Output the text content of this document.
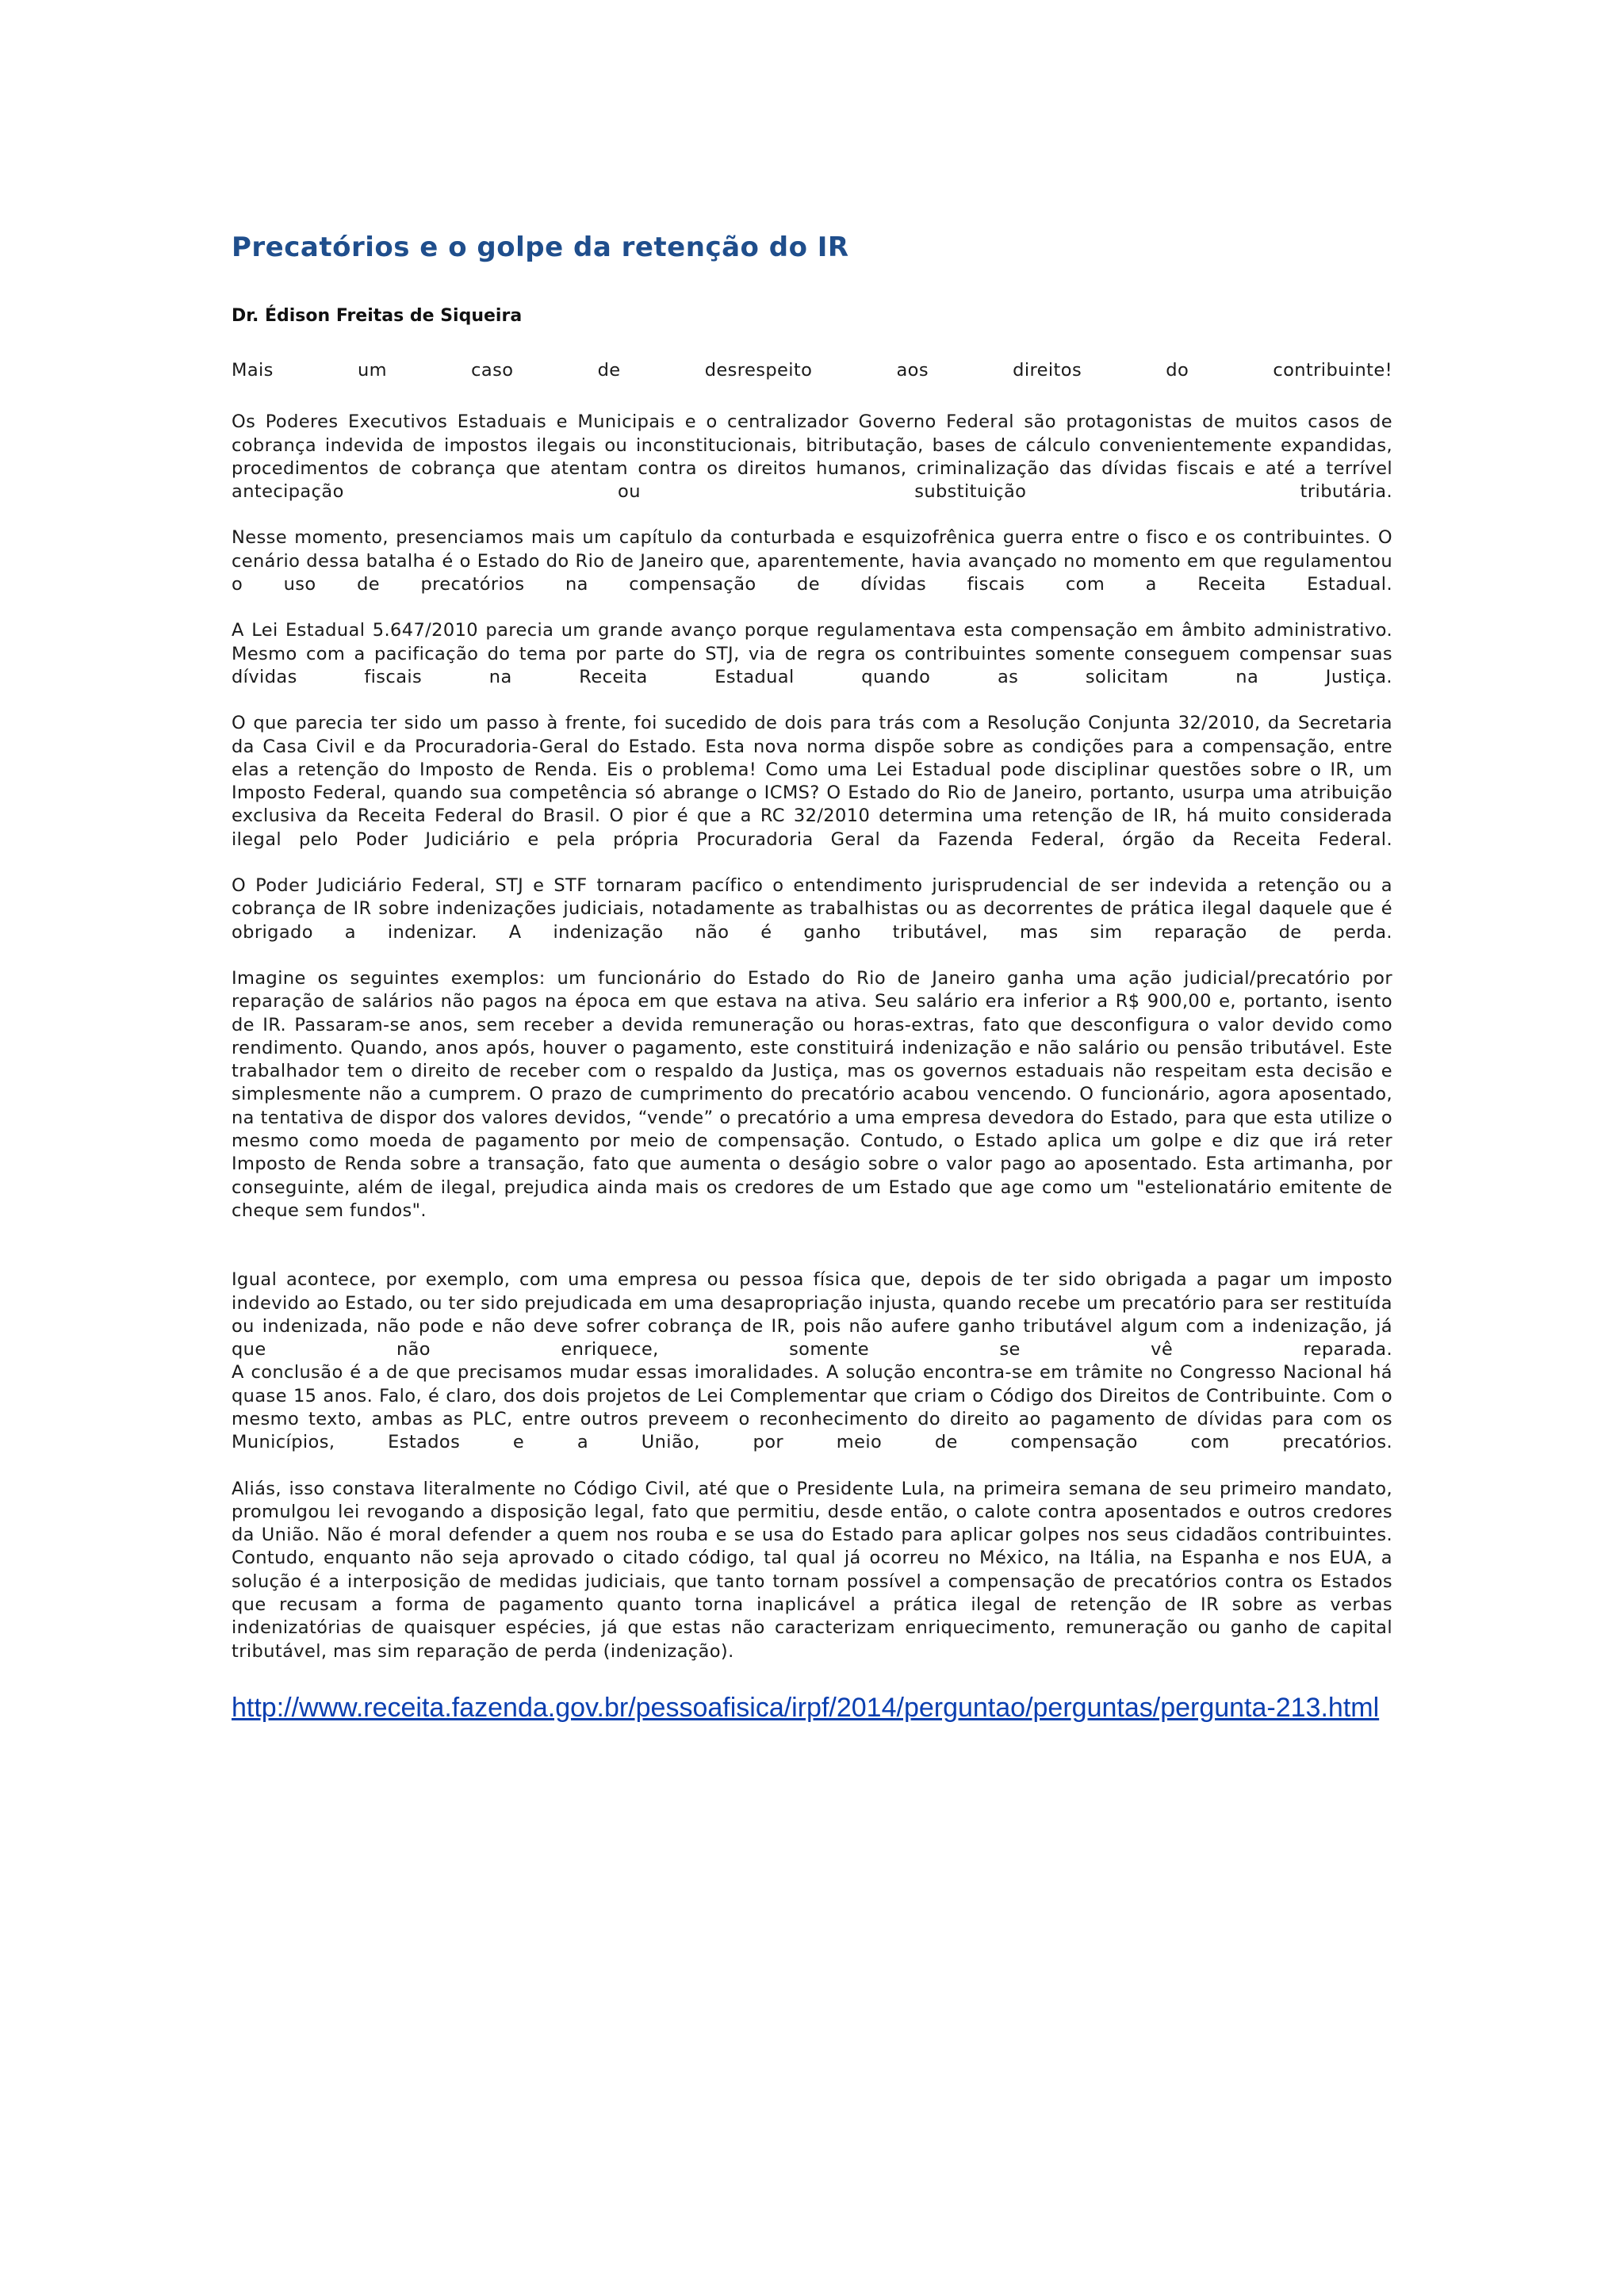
Precatórios e o golpe da retenção do IR
Dr. Édison Freitas de Siqueira

Mais um caso de desrespeito aos direitos do contribuinte!

Os Poderes Executivos Estaduais e Municipais e o centralizador Governo Federal são protagonistas de muitos casos de cobrança indevida de impostos ilegais ou inconstitucionais, bitributação, bases de cálculo convenientemente expandidas, procedimentos de cobrança que atentam contra os direitos humanos, criminalização das dívidas fiscais e até a terrível antecipação ou substituição tributária.

Nesse momento, presenciamos mais um capítulo da conturbada e esquizofrênica guerra entre o fisco e os contribuintes. O cenário dessa batalha é o Estado do Rio de Janeiro que, aparentemente, havia avançado no momento em que regulamentou o uso de precatórios na compensação de dívidas fiscais com a Receita Estadual.

A Lei Estadual 5.647/2010 parecia um grande avanço porque regulamentava esta compensação em âmbito administrativo. Mesmo com a pacificação do tema por parte do STJ, via de regra os contribuintes somente conseguem compensar suas dívidas fiscais na Receita Estadual quando as solicitam na Justiça.

O que parecia ter sido um passo à frente, foi sucedido de dois para trás com a Resolução Conjunta 32/2010, da Secretaria da Casa Civil e da Procuradoria-Geral do Estado. Esta nova norma dispõe sobre as condições para a compensação, entre elas a retenção do Imposto de Renda. Eis o problema! Como uma Lei Estadual pode disciplinar questões sobre o IR, um Imposto Federal, quando sua competência só abrange o ICMS? O Estado do Rio de Janeiro, portanto, usurpa uma atribuição exclusiva da Receita Federal do Brasil. O pior é que a RC 32/2010 determina uma retenção de IR, há muito considerada ilegal pelo Poder Judiciário e pela própria Procuradoria Geral da Fazenda Federal, órgão da Receita Federal.

O Poder Judiciário Federal, STJ e STF tornaram pacífico o entendimento jurisprudencial de ser indevida a retenção ou a cobrança de IR sobre indenizações judiciais, notadamente as trabalhistas ou as decorrentes de prática ilegal daquele que é obrigado a indenizar. A indenização não é ganho tributável, mas sim reparação de perda.

Imagine os seguintes exemplos: um funcionário do Estado do Rio de Janeiro ganha uma ação judicial/precatório por reparação de salários não pagos na época em que estava na ativa. Seu salário era inferior a R$ 900,00 e, portanto, isento de IR. Passaram-se anos, sem receber a devida remuneração ou horas-extras, fato que desconfigura o valor devido como rendimento. Quando, anos após, houver o pagamento, este constituirá indenização e não salário ou pensão tributável. Este trabalhador tem o direito de receber com o respaldo da Justiça, mas os governos estaduais não respeitam esta decisão e simplesmente não a cumprem. O prazo de cumprimento do precatório acabou vencendo. O funcionário, agora aposentado, na tentativa de dispor dos valores devidos, “vende” o precatório a uma empresa devedora do Estado, para que esta utilize o mesmo como moeda de pagamento por meio de compensação. Contudo, o Estado aplica um golpe e diz que irá reter Imposto de Renda sobre a transação, fato que aumenta o deságio sobre o valor pago ao aposentado. Esta artimanha, por conseguinte, além de ilegal, prejudica ainda mais os credores de um Estado que age como um "estelionatário emitente de cheque sem fundos".

Igual acontece, por exemplo, com uma empresa ou pessoa física que, depois de ter sido obrigada a pagar um imposto indevido ao Estado, ou ter sido prejudicada em uma desapropriação injusta, quando recebe um precatório para ser restituída ou indenizada, não pode e não deve sofrer cobrança de IR, pois não aufere ganho tributável algum com a indenização, já que não enriquece, somente se vê reparada.

A conclusão é a de que precisamos mudar essas imoralidades. A solução encontra-se em trâmite no Congresso Nacional há quase 15 anos. Falo, é claro, dos dois projetos de Lei Complementar que criam o Código dos Direitos de Contribuinte. Com o mesmo texto, ambas as PLC, entre outros preveem o reconhecimento do direito ao pagamento de dívidas para com os Municípios, Estados e a União, por meio de compensação com precatórios.

Aliás, isso constava literalmente no Código Civil, até que o Presidente Lula, na primeira semana de seu primeiro mandato, promulgou lei revogando a disposição legal, fato que permitiu, desde então, o calote contra aposentados e outros credores da União. Não é moral defender a quem nos rouba e se usa do Estado para aplicar golpes nos seus cidadãos contribuintes. Contudo, enquanto não seja aprovado o citado código, tal qual já ocorreu no México, na Itália, na Espanha e nos EUA, a solução é a interposição de medidas judiciais, que tanto tornam possível a compensação de precatórios contra os Estados que recusam a forma de pagamento quanto torna inaplicável a prática ilegal de retenção de IR sobre as verbas indenizatórias de quaisquer espécies, já que estas não caracterizam enriquecimento, remuneração ou ganho de capital tributável, mas sim reparação de perda (indenização).

http://www.receita.fazenda.gov.br/pessoafisica/irpf/2014/perguntao/perguntas/pergunta-213.html
